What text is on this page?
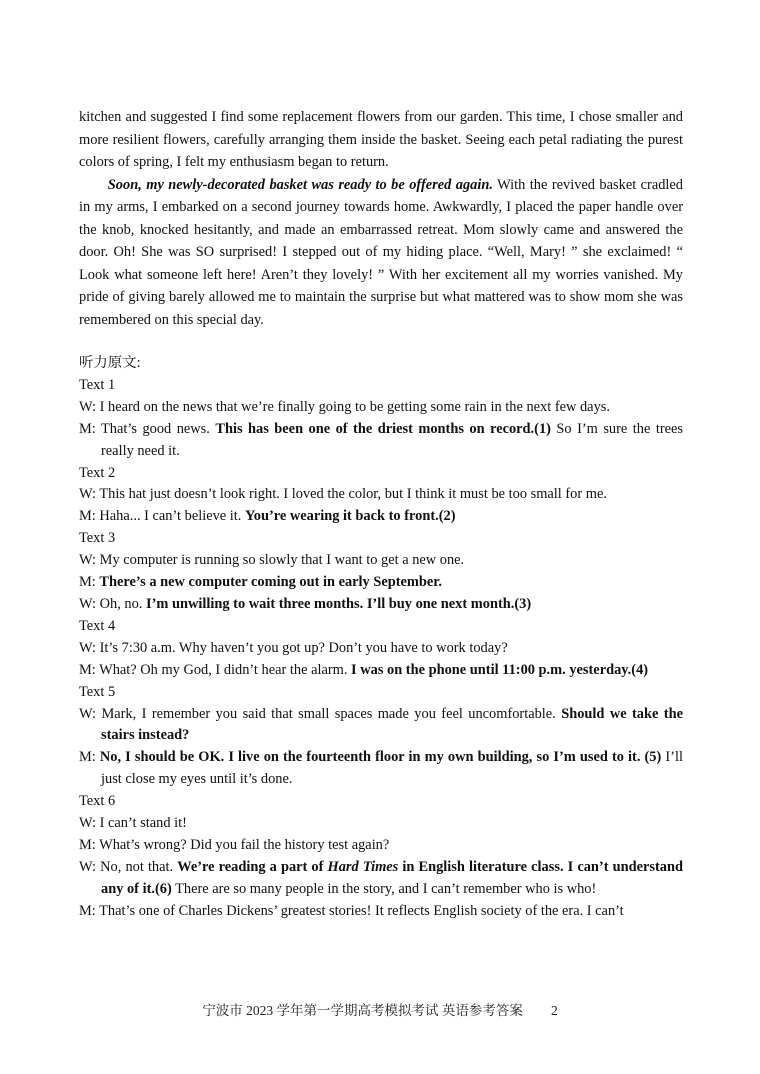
kitchen and suggested I find some replacement flowers from our garden. This time, I chose smaller and more resilient flowers, carefully arranging them inside the basket. Seeing each petal radiating the purest colors of spring, I felt my enthusiasm began to return.

Soon, my newly-decorated basket was ready to be offered again. With the revived basket cradled in my arms, I embarked on a second journey towards home. Awkwardly, I placed the paper handle over the knob, knocked hesitantly, and made an embarrassed retreat. Mom slowly came and answered the door. Oh! She was SO surprised! I stepped out of my hiding place. “Well, Mary! ” she exclaimed! “ Look what someone left here! Aren’t they lovely! ” With her excitement all my worries vanished. My pride of giving barely allowed me to maintain the surprise but what mattered was to show mom she was remembered on this special day.

听力原文:

Text 1

W: I heard on the news that we’re finally going to be getting some rain in the next few days.

M: That’s good news. This has been one of the driest months on record.(1) So I’m sure the trees really need it.

Text 2

W: This hat just doesn’t look right. I loved the color, but I think it must be too small for me.

M: Haha... I can’t believe it. You’re wearing it back to front.(2)

Text 3

W: My computer is running so slowly that I want to get a new one.

M: There’s a new computer coming out in early September.

W: Oh, no. I’m unwilling to wait three months. I’ll buy one next month.(3)

Text 4

W: It’s 7:30 a.m. Why haven’t you got up? Don’t you have to work today?

M: What? Oh my God, I didn’t hear the alarm. I was on the phone until 11:00 p.m. yesterday.(4)

Text 5

W: Mark, I remember you said that small spaces made you feel uncomfortable. Should we take the stairs instead?

M: No, I should be OK. I live on the fourteenth floor in my own building, so I’m used to it. (5) I’ll just close my eyes until it’s done.

Text 6

W: I can’t stand it!

M: What’s wrong? Did you fail the history test again?

W: No, not that. We’re reading a part of Hard Times in English literature class. I can’t understand any of it.(6) There are so many people in the story, and I can’t remember who is who!

M: That’s one of Charles Dickens’ greatest stories! It reflects English society of the era. I can’t

宁波市 2023 学年第一学期高考模拟考试 英语参考答案 2
